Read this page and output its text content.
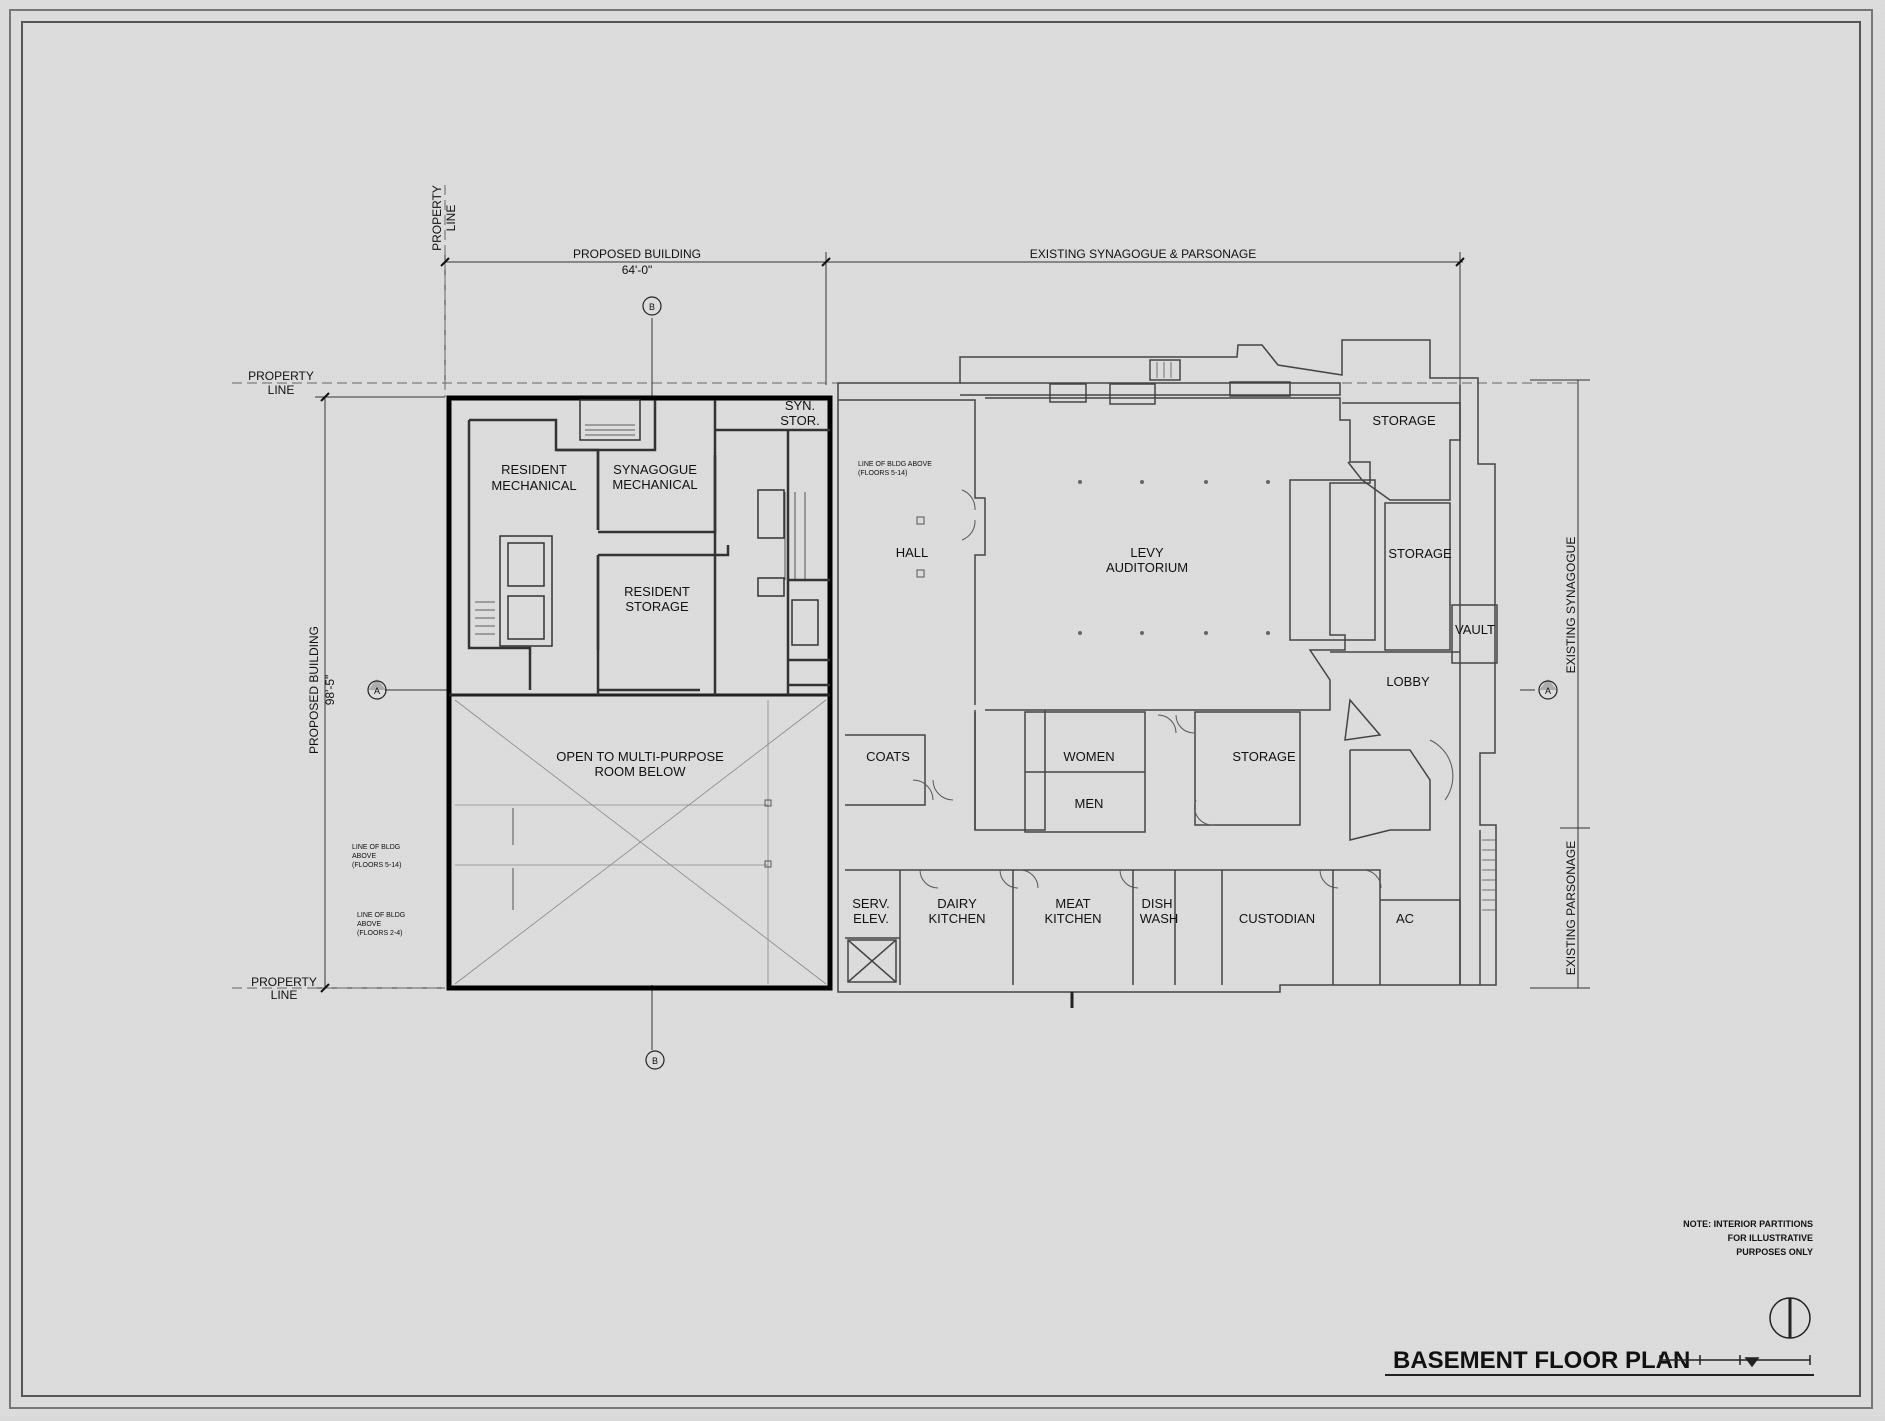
PROPOSED BUILDING
64'-0"
EXISTING SYNAGOGUE & PARSONAGE
PROPOSED BUILDING 98'-5"
EXISTING SYNAGOGUE
EXISTING PARSONAGE
PROPERTY LINE
PROPERTY
LINE
PROPERTY
LINE
A	A
B
B
RESIDENT
MECHANICAL
SYNAGOGUE
MECHANICAL
SYN.
STOR.
RESIDENT
STORAGE
OPEN TO MULTI-PURPOSE
ROOM BELOW
LINE OF BLDG ABOVE
(FLOORS 5-14)
LINE OF BLDG
ABOVE
(FLOORS 5-14)
LINE OF BLDG
ABOVE
(FLOORS 2-4)
HALL	LEVY
AUDITORIUM
STORAGE
STORAGE
VAULT
LOBBY
COATS	WOMEN
MEN
STORAGE
SERV.
ELEV.
DAIRY
KITCHEN
MEAT
KITCHEN
DISH
WASH	CUSTODIAN	AC
NOTE: INTERIOR PARTITIONS
FOR ILLUSTRATIVE
PURPOSES ONLY
BASEMENT FLOOR PLAN
